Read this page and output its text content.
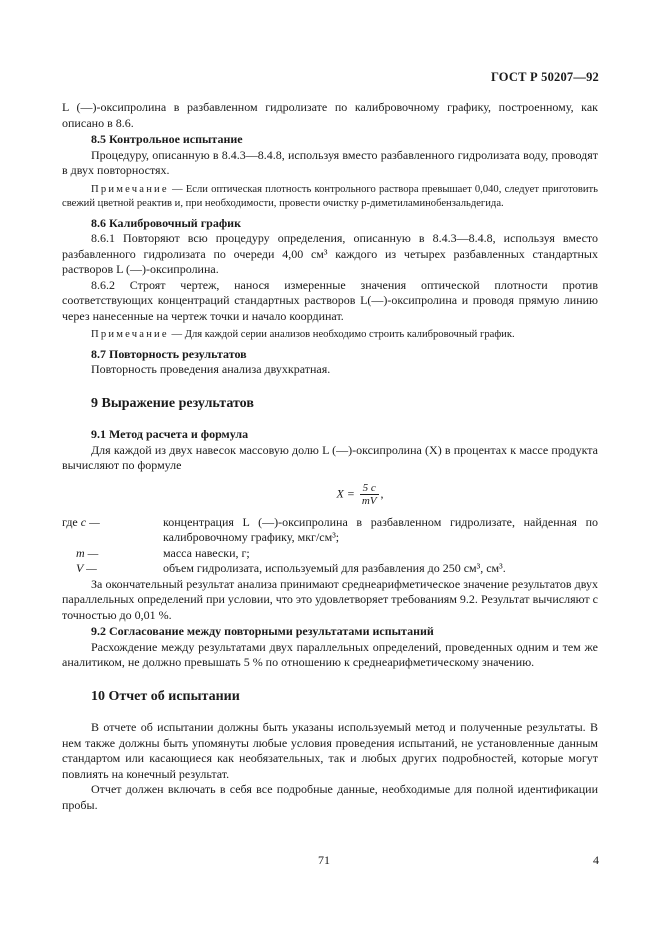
ГОСТ Р 50207—92

L (—)-оксипролина в разбавленном гидролизате по калибровочному графику, построенному, как описано в 8.6.

8.5 Контрольное испытание

Процедуру, описанную в 8.4.3—8.4.8, используя вместо разбавленного гидролизата воду, проводят в двух повторностях.

Примечание — Если оптическая плотность контрольного раствора превышает 0,040, следует приготовить свежий цветной реактив и, при необходимости, провести очистку p-диметиламинобензальдегида.

8.6 Калибровочный график

8.6.1 Повторяют всю процедуру определения, описанную в 8.4.3—8.4.8, используя вместо разбавленного гидролизата по очереди 4,00 см³ каждого из четырех разбавленных стандартных растворов L (—)-оксипролина.

8.6.2 Строят чертеж, нанося измеренные значения оптической плотности против соответствующих концентраций стандартных растворов L(—)-оксипролина и проводя прямую линию через нанесенные на чертеж точки и начало координат.

Примечание — Для каждой серии анализов необходимо строить калибровочный график.

8.7 Повторность результатов

Повторность проведения анализа двухкратная.

9 Выражение результатов

9.1 Метод расчета и формула

Для каждой из двух навесок массовую долю L (—)-оксипролина (X) в процентах к массе продукта вычисляют по формуле

$X = \frac{5 c}{mV}$ ,

где c —	концентрация L (—)-оксипролина в разбавленном гидролизате, найденная по калибровочному графику, мкг/см³;

m —	масса навески, г;

V —	объем гидролизата, используемый для разбавления до 250 см³, см³.

За окончательный результат анализа принимают среднеарифметическое значение результатов двух параллельных определений при условии, что это удовлетворяет требованиям 9.2. Результат вычисляют с точностью до 0,01 %.

9.2 Согласование между повторными результатами испытаний

Расхождение между результатами двух параллельных определений, проведенных одним и тем же аналитиком, не должно превышать 5 % по отношению к среднеарифметическому значению.

10 Отчет об испытании

В отчете об испытании должны быть указаны используемый метод и полученные результаты. В нем также должны быть упомянуты любые условия проведения испытаний, не установленные данным стандартом или касающиеся как необязательных, так и любых других подробностей, которые могут повлиять на конечный результат.

Отчет должен включать в себя все подробные данные, необходимые для полной идентификации пробы.

71	4
